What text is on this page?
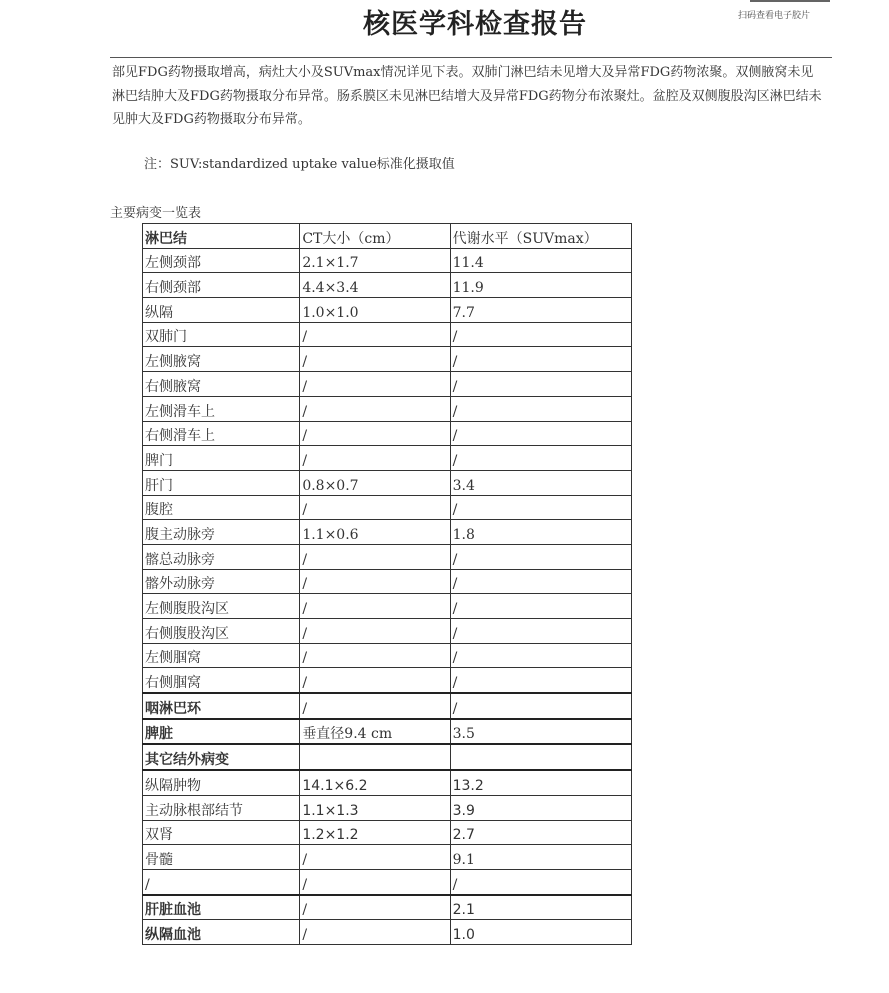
扫码查看电子胶片
核医学科检查报告
部见FDG药物摄取增高，病灶大小及SUVmax情况详见下表。双肺门淋巴结未见增大及异常FDG药物浓聚。双侧腋窝未见淋巴结肿大及FDG药物摄取分布异常。肠系膜区未见淋巴结增大及异常FDG药物分布浓聚灶。盆腔及双侧腹股沟区淋巴结未见肿大及FDG药物摄取分布异常。
注：SUV:standardized uptake value标准化摄取值
主要病变一览表
淋巴结	CT大小（cm）	代谢水平（SUVmax）
左侧颈部	2.1×1.7	11.4
右侧颈部	4.4×3.4	11.9
纵隔	1.0×1.0	7.7
双肺门	/	/
左侧腋窝	/	/
右侧腋窝	/	/
左侧滑车上	/	/
右侧滑车上	/	/
脾门	/	/
肝门	0.8×0.7	3.4
腹腔	/	/
腹主动脉旁	1.1×0.6	1.8
髂总动脉旁	/	/
髂外动脉旁	/	/
左侧腹股沟区	/	/
右侧腹股沟区	/	/
左侧腘窝	/	/
右侧腘窝	/	/
咽淋巴环	/	/
脾脏	垂直径9.4 cm	3.5
其它结外病变		
纵隔肿物	14.1×6.2	13.2
主动脉根部结节	1.1×1.3	3.9
双肾	1.2×1.2	2.7
骨髓	/	9.1
/	/	/
肝脏血池	/	2.1
纵隔血池	/	1.0
